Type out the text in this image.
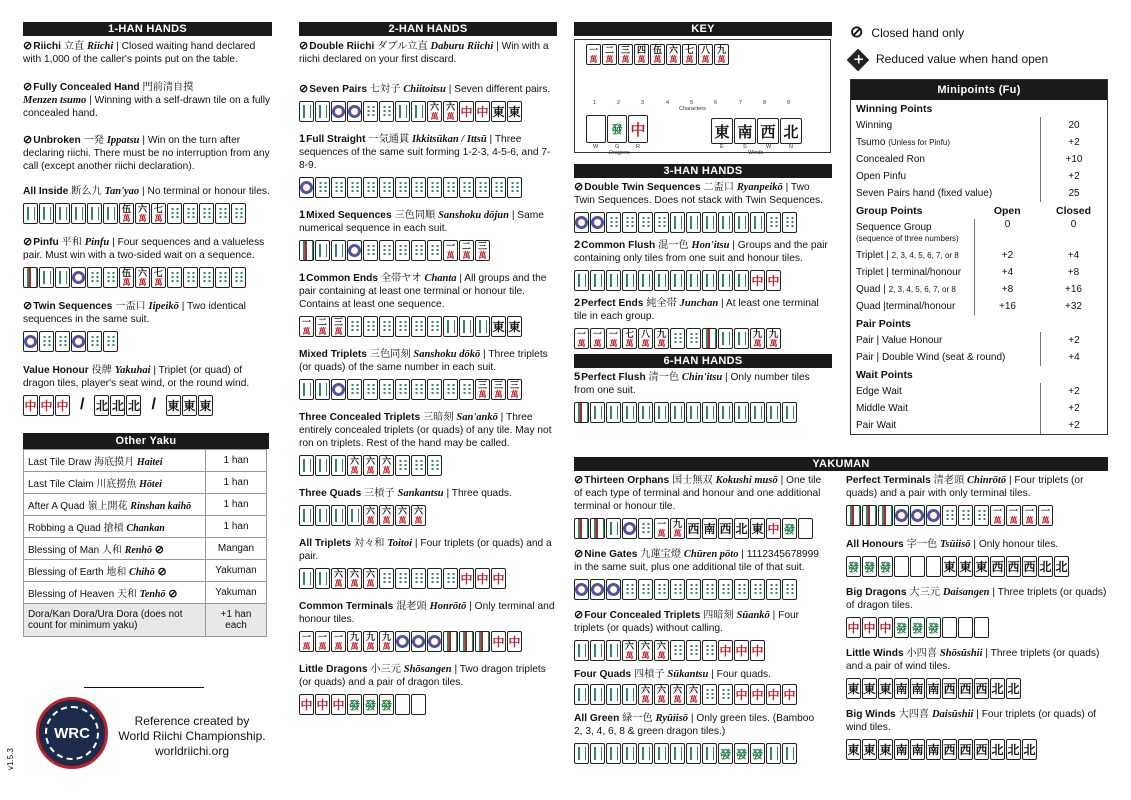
1-HAN HANDS

⊘Riichi 立直 Riichi | Closed waiting hand declared with 1,000 of the caller's points put on the table.

⊘Fully Concealed Hand 門前清自摸
Menzen tsumo | Winning with a self-drawn tile on a fully concealed hand.

⊘Unbroken 一発 Ippatsu | Win on the turn after declaring riichi. There must be no interruption from any call (except another riichi declaration).

All Inside 断么九 Tan'yao | No terminal or honour tiles.

伍
萬
六
萬
七
萬

⊘Pinfu 平和 Pinfu | Four sequences and a valueless pair. Must win with a two-sided wait on a sequence.

伍
萬
六
萬
七
萬

⊘Twin Sequences 一盃口 Iipeikō | Two identical sequences in the same suit.

Value Honour 役牌 Yakuhai | Triplet (or quad) of dragon tiles, player's seat wind, or the round wind.

中 中 中 / 北 北 北 / 東 東 東
Other Yaku
Last Tile Draw 海底摸月 Haitei	1 han
Last Tile Claim 川底撈魚 Hōtei	1 han
After A Quad 嶺上開花 Rinshan kaihō	1 han
Robbing a Quad 搶槓 Chankan	1 han
Blessing of Man 人和 Renhō ⊘	Mangan
Blessing of Earth 地和 Chihō ⊘	Yakuman
Blessing of Heaven 天和 Tenhō ⊘	Yakuman
Dora/Kan Dora/Ura Dora (does not count for minimum yaku)	+1 han each
WRC
Reference created by
World Riichi Championship.
worldriichi.org
v1.5.3
2-HAN HANDS

⊘Double Riichi ダブル立直 Daburu Riichi | Win with a riichi declared on your first discard.

⊘Seven Pairs 七対子 Chiitoitsu | Seven different pairs.

六
萬
六
萬 中 中 東 東

1Full Straight 一気通貫 Ikkitsūkan / Ittsū | Three sequences of the same suit forming 1-2-3, 4-5-6, and 7-8-9.

1Mixed Sequences 三色同順 Sanshoku dōjun | Same numerical sequence in each suit.

一
萬
二
萬
三
萬

1Common Ends 全帯ヤオ Chanta | All groups and the pair containing at least one terminal or honour tile. Contains at least one sequence.

一
萬
二
萬
三
萬	東 東

Mixed Triplets 三色同刻 Sanshoku dōkō | Three triplets (or quads) of the same number in each suit.

三
萬
三
萬
三
萬

Three Concealed Triplets 三暗刻 San'ankō | Three entirely concealed triplets (or quads) of any tile. May not ron on triplets. Rest of the hand may be called.

六
萬
六
萬
六
萬

Three Quads 三槓子 Sankantsu | Three quads.

六
萬
六
萬
六
萬
六
萬

All Triplets 対々和 Toitoi | Four triplets (or quads) and a pair.

六
萬
六
萬
六
萬	中 中 中

Common Terminals 混老頭 Honrōtō | Only terminal and honour tiles.

一
萬
一
萬
一
萬
九
萬
九
萬
九
萬	中 中

Little Dragons 小三元 Shōsangen | Two dragon triplets (or quads) and a pair of dragon tiles.

中 中 中 發 發 發
KEY
一
萬
二
萬
三
萬
四
萬
伍
萬
六
萬
七
萬
八
萬
九
萬
1	2	3	4	5	6	7	8	9
Characters
發 中
W	G	R
Dragons
東 南 西 北
E	S	W	N
Winds
3-HAN HANDS

⊘Double Twin Sequences 二盃口 Ryanpeikō | Two Twin Sequences. Does not stack with Twin Sequences.

2Common Flush 混一色 Hon'itsu | Groups and the pair containing only tiles from one suit and honour tiles.

中 中

2Perfect Ends 純全帯 Junchan | At least one terminal tile in each group.

一
萬
一
萬
一
萬
七
萬
八
萬
九
萬
九
萬
九
萬
6-HAN HANDS

5Perfect Flush 清一色 Chin'itsu | Only number tiles from one suit.

⊘ Closed hand only
✕ Reduced value when hand open
Minipoints (Fu)
Winning Points	
Winning	20
Tsumo (Unless for Pinfu)	+2
Concealed Ron	+10
Open Pinfu	+2
Seven Pairs hand (fixed value)	25
Group Points	Open	Closed
Sequence Group (sequence of three numbers)	0	0
Triplet | 2, 3, 4, 5, 6, 7, or 8	+2	+4
Triplet | terminal/honour	+4	+8
Quad | 2, 3, 4, 5, 6, 7, or 8	+8	+16
Quad |terminal/honour	+16	+32
Pair Points	
Pair | Value Honour	+2
Pair | Double Wind (seat & round)	+4
Wait Points	
Edge Wait	+2
Middle Wait	+2
Pair Wait	+2
YAKUMAN

⊘Thirteen Orphans 国士無双 Kokushi musō | One tile of each type of terminal and honour and one additional terminal or honour tile.

一
萬
九
萬 西 南 西 北 東 中 發

⊘Nine Gates 九蓮宝燈 Chūren pōto | 1112345678999 in the same suit, plus one additional tile of that suit.

⊘Four Concealed Triplets 四暗刻 Sūankō | Four triplets (or quads) without calling.

六
萬
六
萬
六
萬	中 中 中

Four Quads 四槓子 Sūkantsu | Four quads.

六
萬
六
萬
六
萬
六
萬	中 中 中 中

All Green 緑一色 Ryūiisō | Only green tiles. (Bamboo 2, 3, 4, 6, 8 & green dragon tiles.)

發 發 發

Perfect Terminals 清老頭 Chinrōtō | Four triplets (or quads) and a pair with only terminal tiles.

一
萬
一
萬
一
萬
一
萬

All Honours 字一色 Tsūiisō | Only honour tiles.

發 發 發	東 東 東 西 西 西 北 北

Big Dragons 大三元 Daisangen | Three triplets (or quads) of dragon tiles.

中 中 中 發 發 發

Little Winds 小四喜 Shōsūshii | Three triplets (or quads) and a pair of wind tiles.

東 東 東 南 南 南 西 西 西 北 北

Big Winds 大四喜 Daisūshii | Four triplets (or quads) of wind tiles.

東 東 東 南 南 南 西 西 西 北 北 北
